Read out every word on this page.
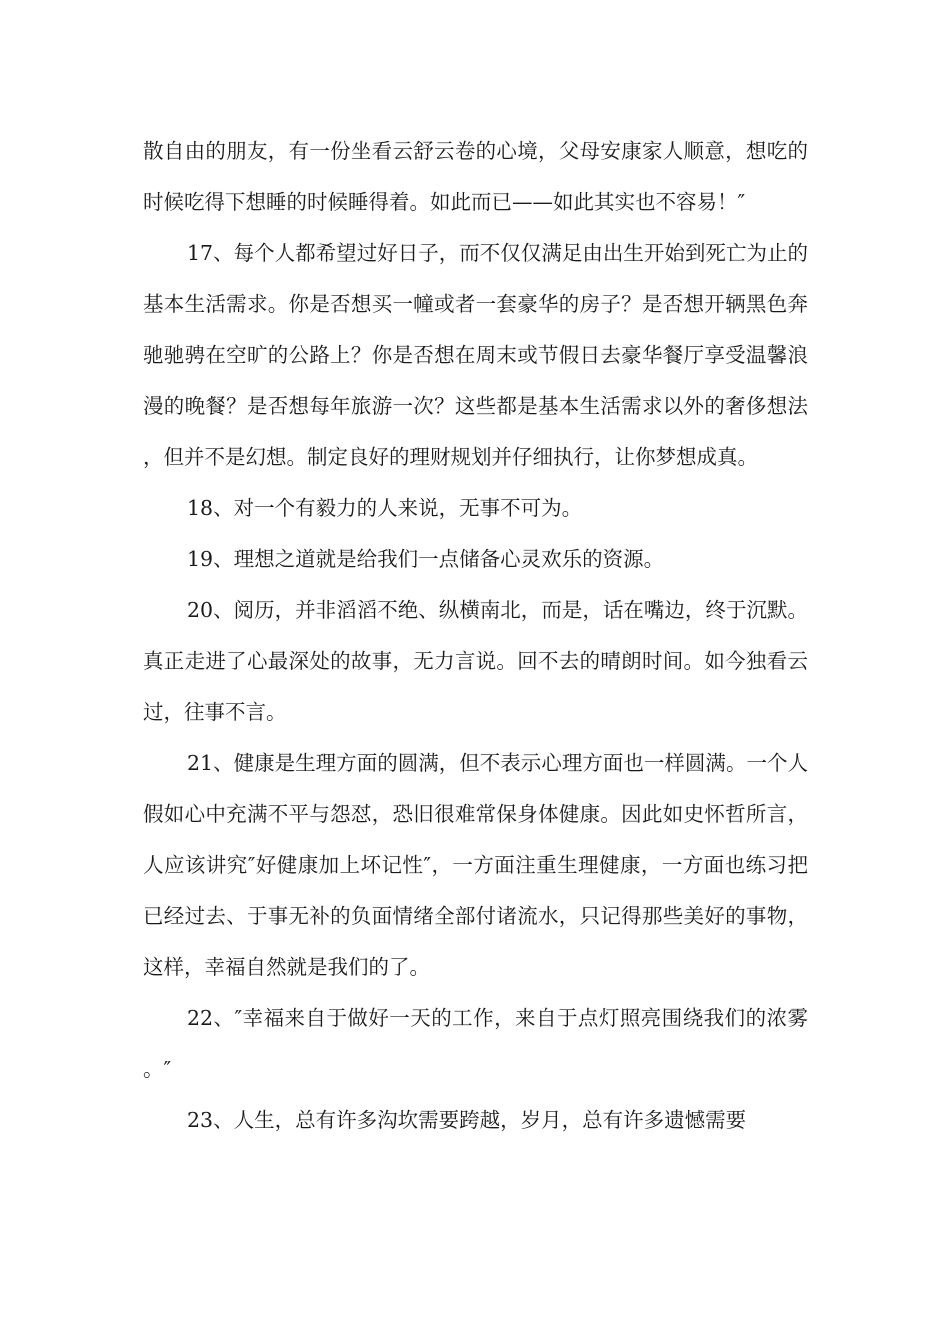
散自由的朋友，有一份坐看云舒云卷的心境，父母安康家人顺意，想吃的时候吃得下想睡的时候睡得着。如此而已——如此其实也不容易！″

17、每个人都希望过好日子，而不仅仅满足由出生开始到死亡为止的基本生活需求。你是否想买一幢或者一套豪华的房子？是否想开辆黑色奔驰驰骋在空旷的公路上？你是否想在周末或节假日去豪华餐厅享受温馨浪漫的晚餐？是否想每年旅游一次？这些都是基本生活需求以外的奢侈想法，但并不是幻想。制定良好的理财规划并仔细执行，让你梦想成真。

18、对一个有毅力的人来说，无事不可为。

19、理想之道就是给我们一点储备心灵欢乐的资源。

20、阅历，并非滔滔不绝、纵横南北，而是，话在嘴边，终于沉默。真正走进了心最深处的故事，无力言说。回不去的晴朗时间。如今独看云过，往事不言。

21、健康是生理方面的圆满，但不表示心理方面也一样圆满。一个人假如心中充满不平与怨怼，恐旧很难常保身体健康。因此如史怀哲所言，人应该讲究″好健康加上坏记性″，一方面注重生理健康，一方面也练习把已经过去、于事无补的负面情绪全部付诸流水，只记得那些美好的事物，这样，幸福自然就是我们的了。

22、″幸福来自于做好一天的工作，来自于点灯照亮围绕我们的浓雾。″

23、人生，总有许多沟坎需要跨越，岁月，总有许多遗憾需要
